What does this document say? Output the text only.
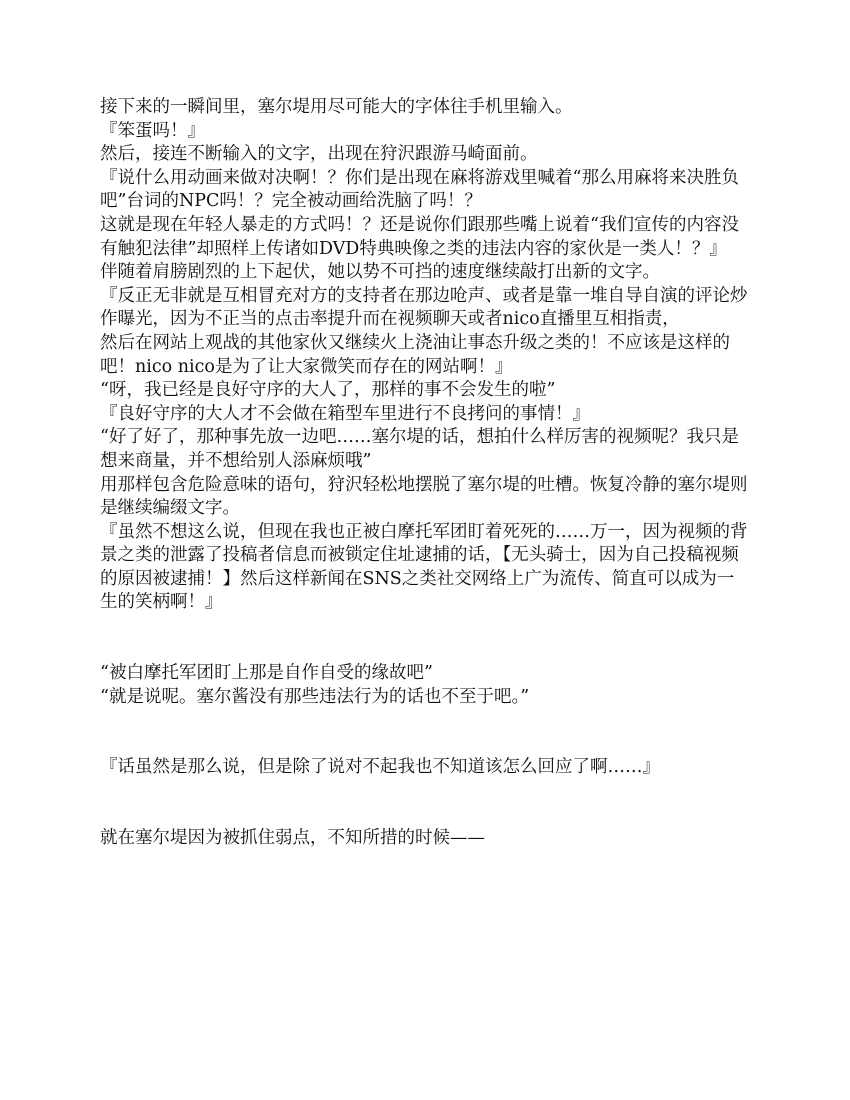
接下来的一瞬间里，塞尔堤用尽可能大的字体往手机里输入。

『笨蛋吗！』

然后，接连不断输入的文字，出现在狩沢跟游马崎面前。

『说什么用动画来做对决啊！？你们是出现在麻将游戏里喊着“那么用麻将来决胜负吧”台词的NPC吗！？完全被动画给洗脑了吗！？

这就是现在年轻人暴走的方式吗！？还是说你们跟那些嘴上说着“我们宣传的内容没有触犯法律”却照样上传诸如DVD特典映像之类的违法内容的家伙是一类人！？』

伴随着肩膀剧烈的上下起伏，她以势不可挡的速度继续敲打出新的文字。

『反正无非就是互相冒充对方的支持者在那边呛声、或者是靠一堆自导自演的评论炒作曝光，因为不正当的点击率提升而在视频聊天或者nico直播里互相指责，

然后在网站上观战的其他家伙又继续火上浇油让事态升级之类的！不应该是这样的吧！nico nico是为了让大家微笑而存在的网站啊！』

“呀，我已经是良好守序的大人了，那样的事不会发生的啦”

『良好守序的大人才不会做在箱型车里进行不良拷问的事情！』

“好了好了，那种事先放一边吧……塞尔堤的话，想拍什么样厉害的视频呢？我只是想来商量，并不想给别人添麻烦哦”

用那样包含危险意味的语句，狩沢轻松地摆脱了塞尔堤的吐槽。恢复冷静的塞尔堤则是继续编缀文字。

『虽然不想这么说，但现在我也正被白摩托军团盯着死死的……万一，因为视频的背景之类的泄露了投稿者信息而被锁定住址逮捕的话，【无头骑士，因为自己投稿视频的原因被逮捕！】然后这样新闻在SNS之类社交网络上广为流传、简直可以成为一生的笑柄啊！』

“被白摩托军团盯上那是自作自受的缘故吧”

“就是说呢。塞尔酱没有那些违法行为的话也不至于吧。”

『话虽然是那么说，但是除了说对不起我也不知道该怎么回应了啊……』

就在塞尔堤因为被抓住弱点，不知所措的时候——
